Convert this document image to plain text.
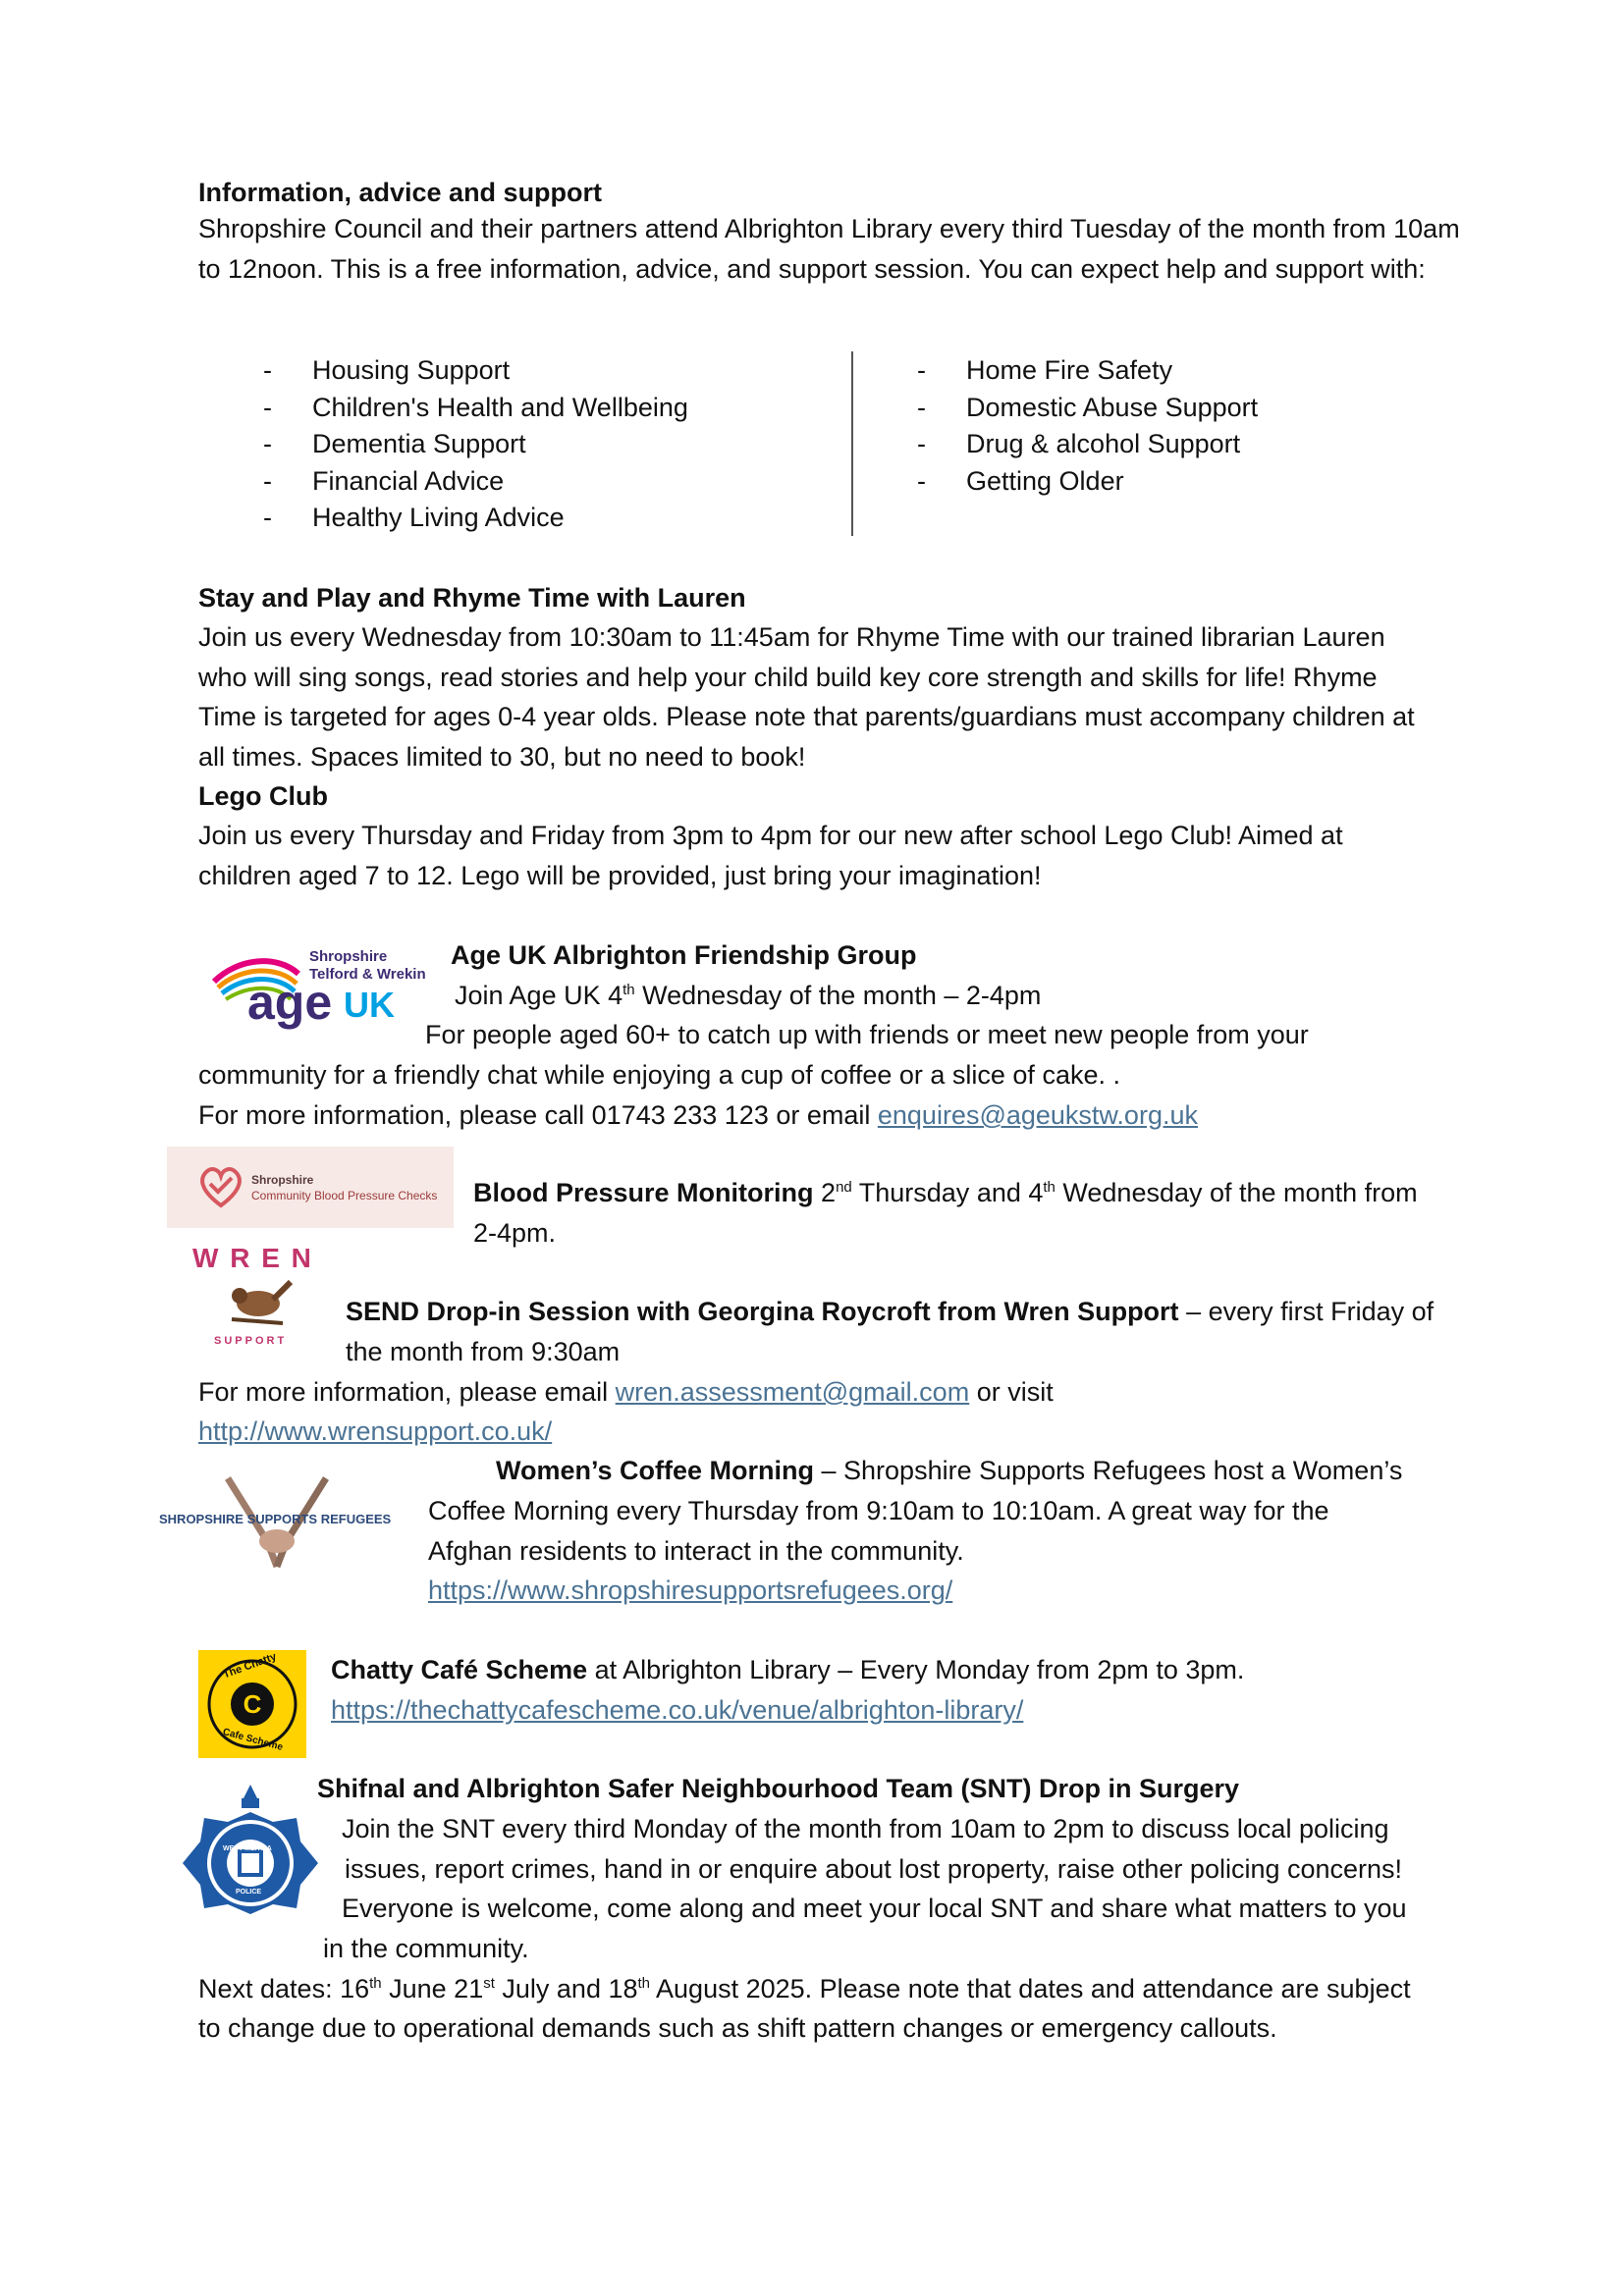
Information, advice and support
Shropshire Council and their partners attend Albrighton Library every third Tuesday of the month from 10am to 12noon. This is a free information, advice, and support session. You can expect help and support with:
- Housing Support
- Children's Health and Wellbeing
- Dementia Support
- Financial Advice
- Healthy Living Advice
- Home Fire Safety
- Domestic Abuse Support
- Drug & alcohol Support
- Getting Older
Stay and Play and Rhyme Time with Lauren
Join us every Wednesday from 10:30am to 11:45am for Rhyme Time with our trained librarian Lauren who will sing songs, read stories and help your child build key core strength and skills for life! Rhyme Time is targeted for ages 0-4 year olds. Please note that parents/guardians must accompany children at all times. Spaces limited to 30, but no need to book!
Lego Club
Join us every Thursday and Friday from 3pm to 4pm for our new after school Lego Club! Aimed at children aged 7 to 12. Lego will be provided, just bring your imagination!
Shropshire
Telford & Wrekin
age UK
Age UK Albrighton Friendship Group
Join Age UK 4th Wednesday of the month – 2-4pm
For people aged 60+ to catch up with friends or meet new people from your
community for a friendly chat while enjoying a cup of coffee or a slice of cake. .
For more information, please call 01743 233 123 or email enquires@ageukstw.org.uk
Shropshire
Community Blood Pressure Checks Blood Pressure Monitoring 2nd Thursday and 4th Wednesday of the month from
2-4pm.
W R E N
SUPPORT
SEND Drop-in Session with Georgina Roycroft from Wren Support – every first Friday of
the month from 9:30am
For more information, please email wren.assessment@gmail.com or visit
http://www.wrensupport.co.uk/
SHROPSHIRE SUPPORTS REFUGEES
Women’s Coffee Morning – Shropshire Supports Refugees host a Women’s
Coffee Morning every Thursday from 9:10am to 10:10am. A great way for the
Afghan residents to interact in the community.
https://www.shropshiresupportsrefugees.org/
C
The Chatty
Cafe Scheme
Chatty Café Scheme at Albrighton Library – Every Monday from 2pm to 3pm.
https://thechattycafescheme.co.uk/venue/albrighton-library/
WEST MERCIA
POLICE
Shifnal and Albrighton Safer Neighbourhood Team (SNT) Drop in Surgery
Join the SNT every third Monday of the month from 10am to 2pm to discuss local policing
issues, report crimes, hand in or enquire about lost property, raise other policing concerns!
Everyone is welcome, come along and meet your local SNT and share what matters to you
in the community.
Next dates: 16th June 21st July and 18th August 2025. Please note that dates and attendance are subject
to change due to operational demands such as shift pattern changes or emergency callouts.
